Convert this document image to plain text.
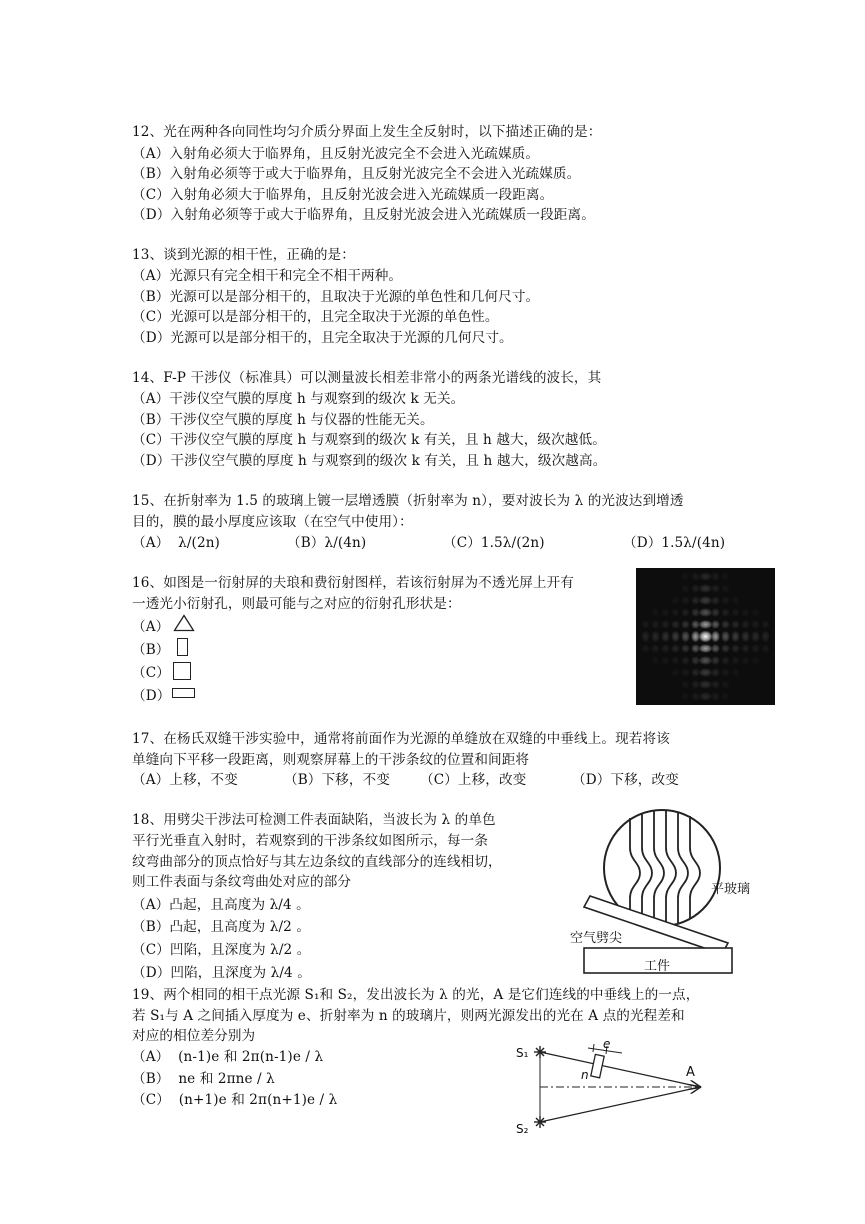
12、光在两种各向同性均匀介质分界面上发生全反射时，以下描述正确的是：
（A）入射角必须大于临界角，且反射光波完全不会进入光疏媒质。
（B）入射角必须等于或大于临界角，且反射光波完全不会进入光疏媒质。
（C）入射角必须大于临界角，且反射光波会进入光疏媒质一段距离。
（D）入射角必须等于或大于临界角，且反射光波会进入光疏媒质一段距离。
13、谈到光源的相干性，正确的是：
（A）光源只有完全相干和完全不相干两种。
（B）光源可以是部分相干的，且取决于光源的单色性和几何尺寸。
（C）光源可以是部分相干的，且完全取决于光源的单色性。
（D）光源可以是部分相干的，且完全取决于光源的几何尺寸。
14、F-P 干涉仪（标准具）可以测量波长相差非常小的两条光谱线的波长，其
（A）干涉仪空气膜的厚度 h 与观察到的级次 k 无关。
（B）干涉仪空气膜的厚度 h 与仪器的性能无关。
（C）干涉仪空气膜的厚度 h 与观察到的级次 k 有关，且 h 越大，级次越低。
（D）干涉仪空气膜的厚度 h 与观察到的级次 k 有关，且 h 越大，级次越高。
15、在折射率为 1.5 的玻璃上镀一层增透膜（折射率为 n），要对波长为 λ 的光波达到增透
目的，膜的最小厚度应该取（在空气中使用）：
（A）  λ/(2n)	（B）λ/(4n)	（C）1.5λ/(2n)	（D）1.5λ/(4n)
16、如图是一衍射屏的夫琅和费衍射图样，若该衍射屏为不透光屏上开有
一透光小衍射孔，则最可能与之对应的衍射孔形状是：
（A）
（B）
（C）
（D）
17、在杨氏双缝干涉实验中，通常将前面作为光源的单缝放在双缝的中垂线上。现若将该
单缝向下平移一段距离，则观察屏幕上的干涉条纹的位置和间距将
（A）上移，不变	（B）下移，不变 （C）上移，改变	（D）下移，改变
18、用劈尖干涉法可检测工件表面缺陷，当波长为 λ 的单色
平行光垂直入射时，若观察到的干涉条纹如图所示，每一条
纹弯曲部分的顶点恰好与其左边条纹的直线部分的连线相切，
则工件表面与条纹弯曲处对应的部分
（A）凸起，且高度为 λ/4 。
（B）凸起，且高度为 λ/2 。
（C）凹陷，且深度为 λ/2 。
（D）凹陷，且深度为 λ/4 。
平玻璃
空气劈尖
工件
19、两个相同的相干点光源 S₁和 S₂，发出波长为 λ 的光，A 是它们连线的中垂线上的一点，
若 S₁与 A 之间插入厚度为 e、折射率为 n 的玻璃片，则两光源发出的光在 A 点的光程差和
对应的相位差分别为
（A）  (n-1)e 和 2π(n-1)e / λ
（B）  ne 和 2πne / λ
（C）  (n+1)e 和 2π(n+1)e / λ
S₁
S₂
A
e
n
